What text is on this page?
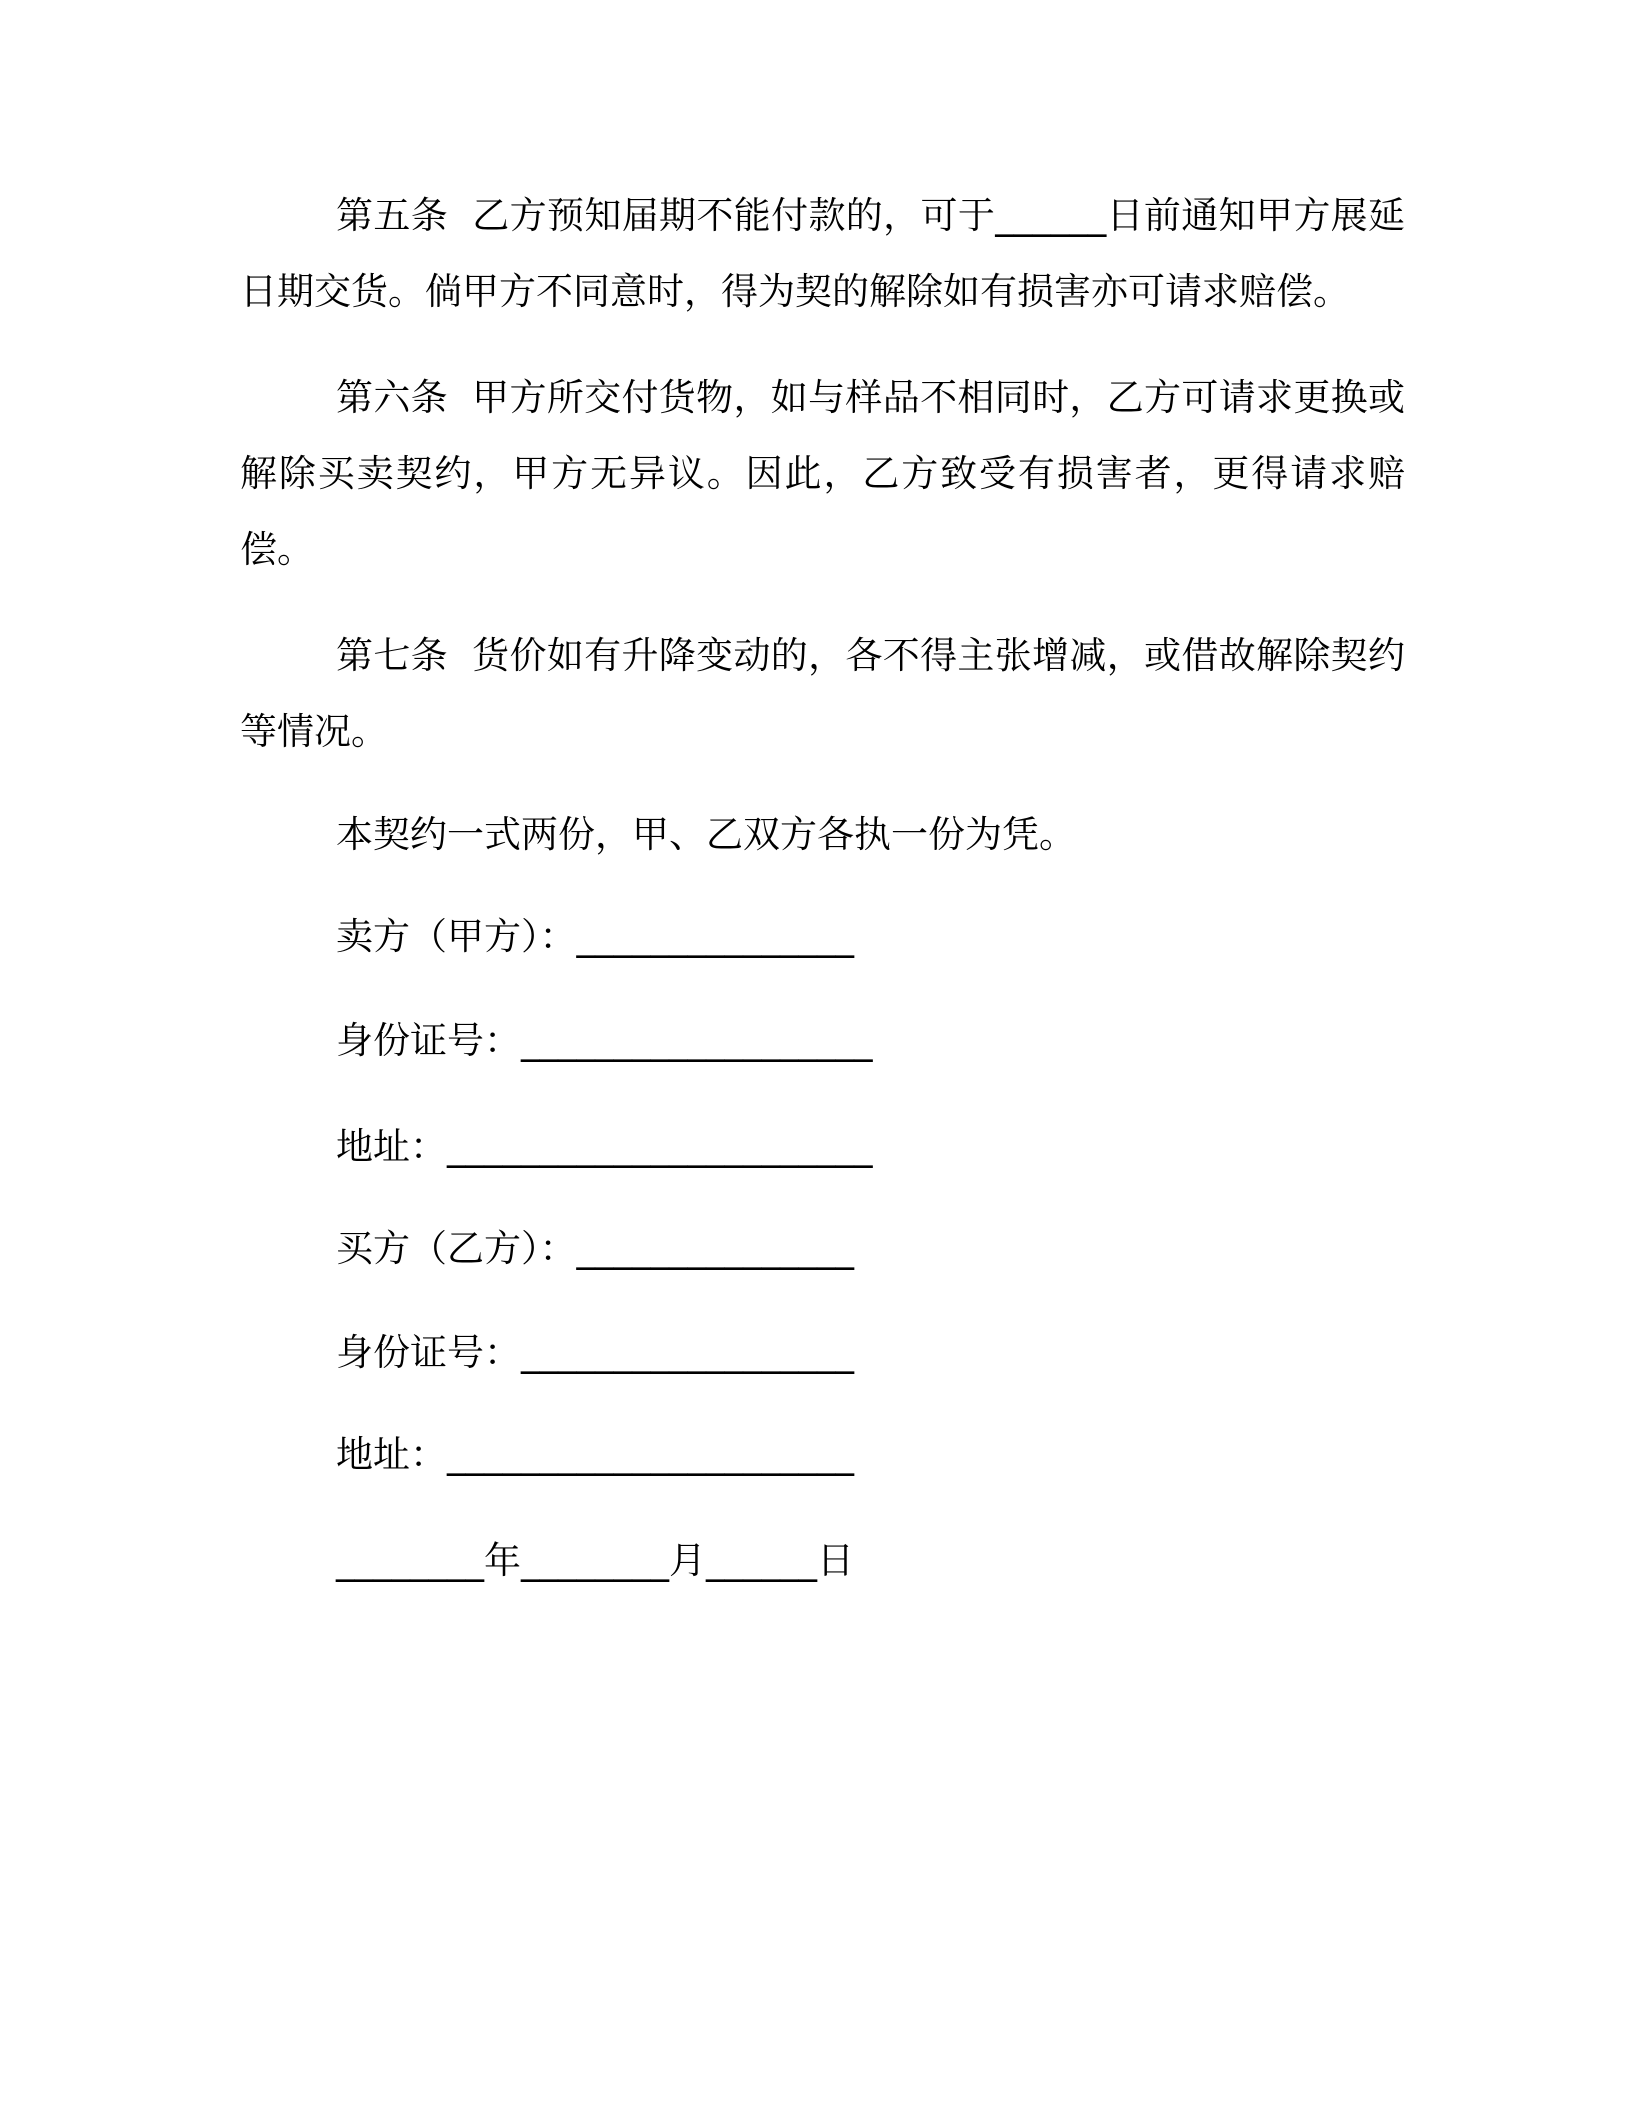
第五条 乙方预知届期不能付款的，可于______日前通知甲方展延日期交货。倘甲方不同意时，得为契的解除如有损害亦可请求赔偿。
第六条 甲方所交付货物，如与样品不相同时，乙方可请求更换或解除买卖契约，甲方无异议。因此，乙方致受有损害者，更得请求赔偿。
第七条 货价如有升降变动的，各不得主张增减，或借故解除契约等情况。
本契约一式两份，甲、乙双方各执一份为凭。
卖方（甲方）：_______________
身份证号：___________________
地址：_______________________
买方（乙方）：_______________
身份证号：__________________
地址：______________________
________年________月______日
